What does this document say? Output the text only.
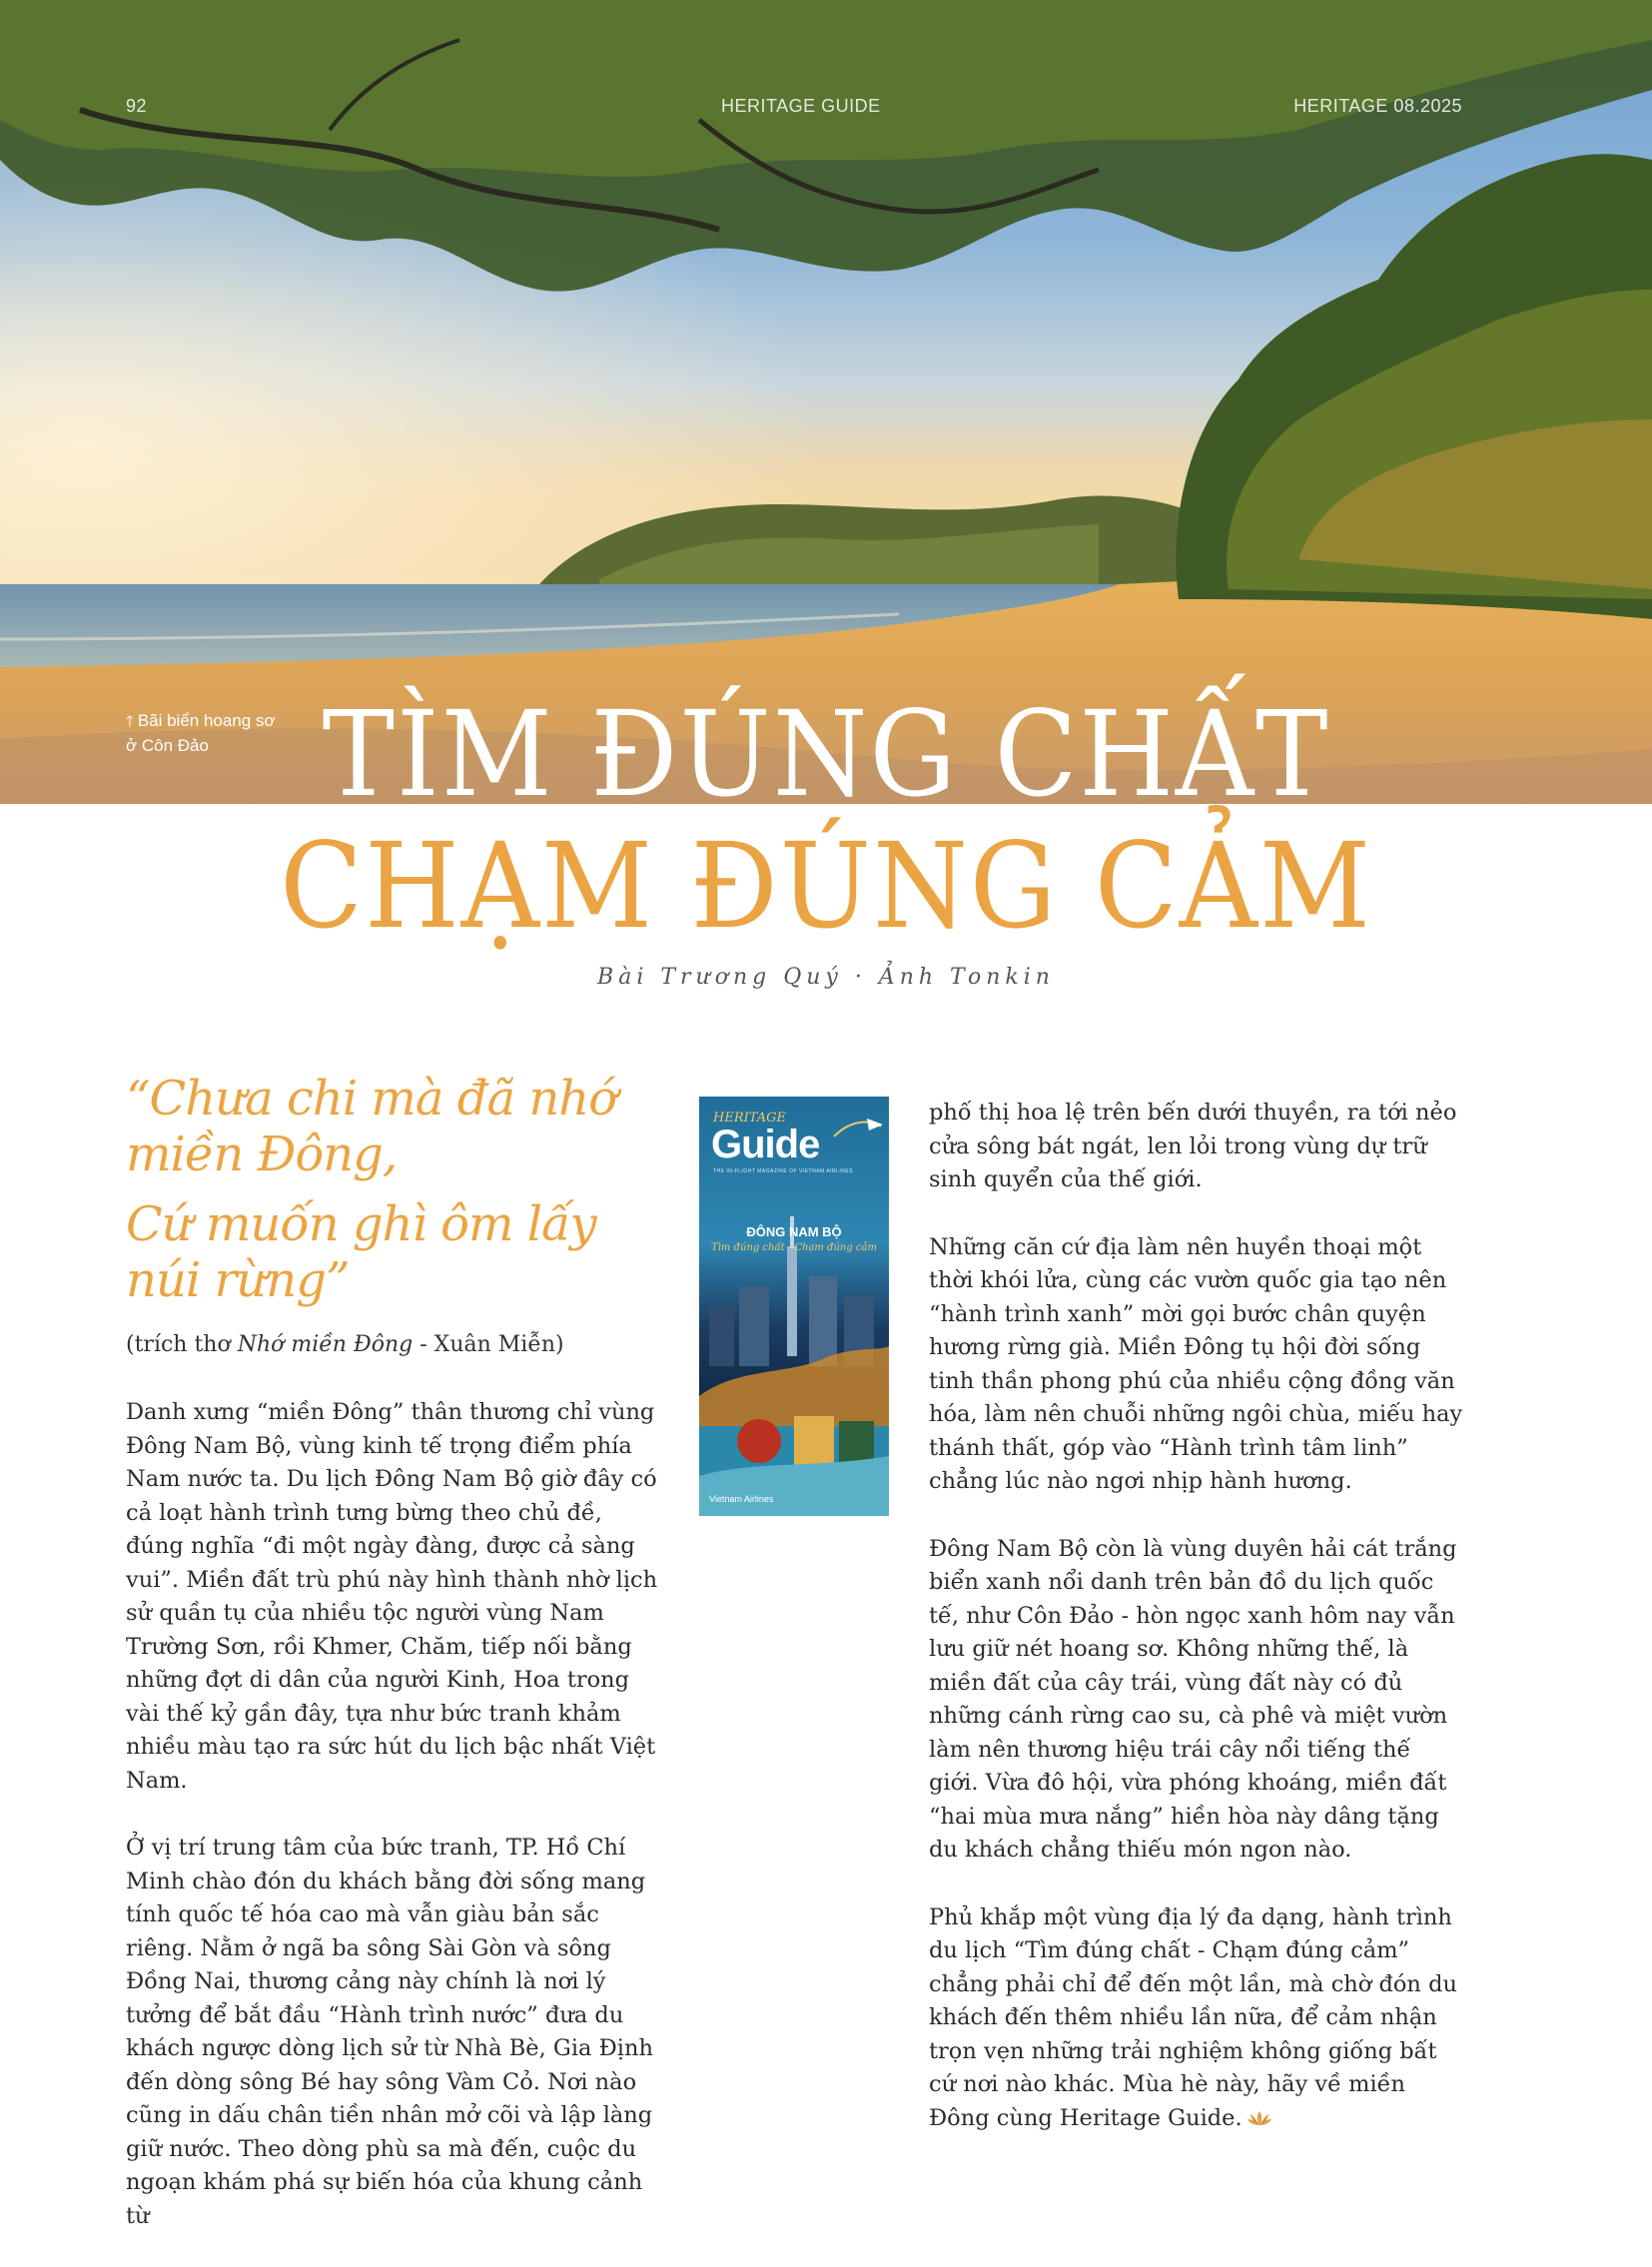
92	HERITAGE GUIDE	HERITAGE 08.2025
🡑 Bãi biển hoang sơ
ở Côn Đảo TÌM ĐÚNG CHẤT
CHẠM ĐÚNG CẢM
Bài Trương Quý · Ảnh Tonkin

“Chưa chi mà đã nhớ miền Đông,

Cứ muốn ghì ôm lấy núi rừng”

(trích thơ Nhớ miền Đông - Xuân Miễn)

Danh xưng “miền Đông” thân thương chỉ vùng Đông Nam Bộ, vùng kinh tế trọng điểm phía Nam nước ta. Du lịch Đông Nam Bộ giờ đây có cả loạt hành trình tưng bừng theo chủ đề, đúng nghĩa “đi một ngày đàng, được cả sàng vui”. Miền đất trù phú này hình thành nhờ lịch sử quần tụ của nhiều tộc người vùng Nam Trường Sơn, rồi Khmer, Chăm, tiếp nối bằng những đợt di dân của người Kinh, Hoa trong vài thế kỷ gần đây, tựa như bức tranh khảm nhiều màu tạo ra sức hút du lịch bậc nhất Việt Nam.

Ở vị trí trung tâm của bức tranh, TP. Hồ Chí Minh chào đón du khách bằng đời sống mang tính quốc tế hóa cao mà vẫn giàu bản sắc riêng. Nằm ở ngã ba sông Sài Gòn và sông Đồng Nai, thương cảng này chính là nơi lý tưởng để bắt đầu “Hành trình nước” đưa du khách ngược dòng lịch sử từ Nhà Bè, Gia Định đến dòng sông Bé hay sông Vàm Cỏ. Nơi nào cũng in dấu chân tiền nhân mở cõi và lập làng giữ nước. Theo dòng phù sa mà đến, cuộc du ngoạn khám phá sự biến hóa của khung cảnh từ

HERITAGE
Guide
THE IN-FLIGHT MAGAZINE OF VIETNAM AIRLINES
ĐÔNG NAM BỘ
Tìm đúng chất - Chạm đúng cảm
Vietnam Airlines

phố thị hoa lệ trên bến dưới thuyền, ra tới nẻo cửa sông bát ngát, len lỏi trong vùng dự trữ sinh quyển của thế giới.

Những căn cứ địa làm nên huyền thoại một thời khói lửa, cùng các vườn quốc gia tạo nên “hành trình xanh” mời gọi bước chân quyện hương rừng già. Miền Đông tụ hội đời sống tinh thần phong phú của nhiều cộng đồng văn hóa, làm nên chuỗi những ngôi chùa, miếu hay thánh thất, góp vào “Hành trình tâm linh” chẳng lúc nào ngơi nhịp hành hương.

Đông Nam Bộ còn là vùng duyên hải cát trắng biển xanh nổi danh trên bản đồ du lịch quốc tế, như Côn Đảo - hòn ngọc xanh hôm nay vẫn lưu giữ nét hoang sơ. Không những thế, là miền đất của cây trái, vùng đất này có đủ những cánh rừng cao su, cà phê và miệt vườn làm nên thương hiệu trái cây nổi tiếng thế giới. Vừa đô hội, vừa phóng khoáng, miền đất “hai mùa mưa nắng” hiền hòa này dâng tặng du khách chẳng thiếu món ngon nào.

Phủ khắp một vùng địa lý đa dạng, hành trình du lịch “Tìm đúng chất - Chạm đúng cảm” chẳng phải chỉ để đến một lần, mà chờ đón du khách đến thêm nhiều lần nữa, để cảm nhận trọn vẹn những trải nghiệm không giống bất cứ nơi nào khác. Mùa hè này, hãy về miền Đông cùng Heritage Guide.
